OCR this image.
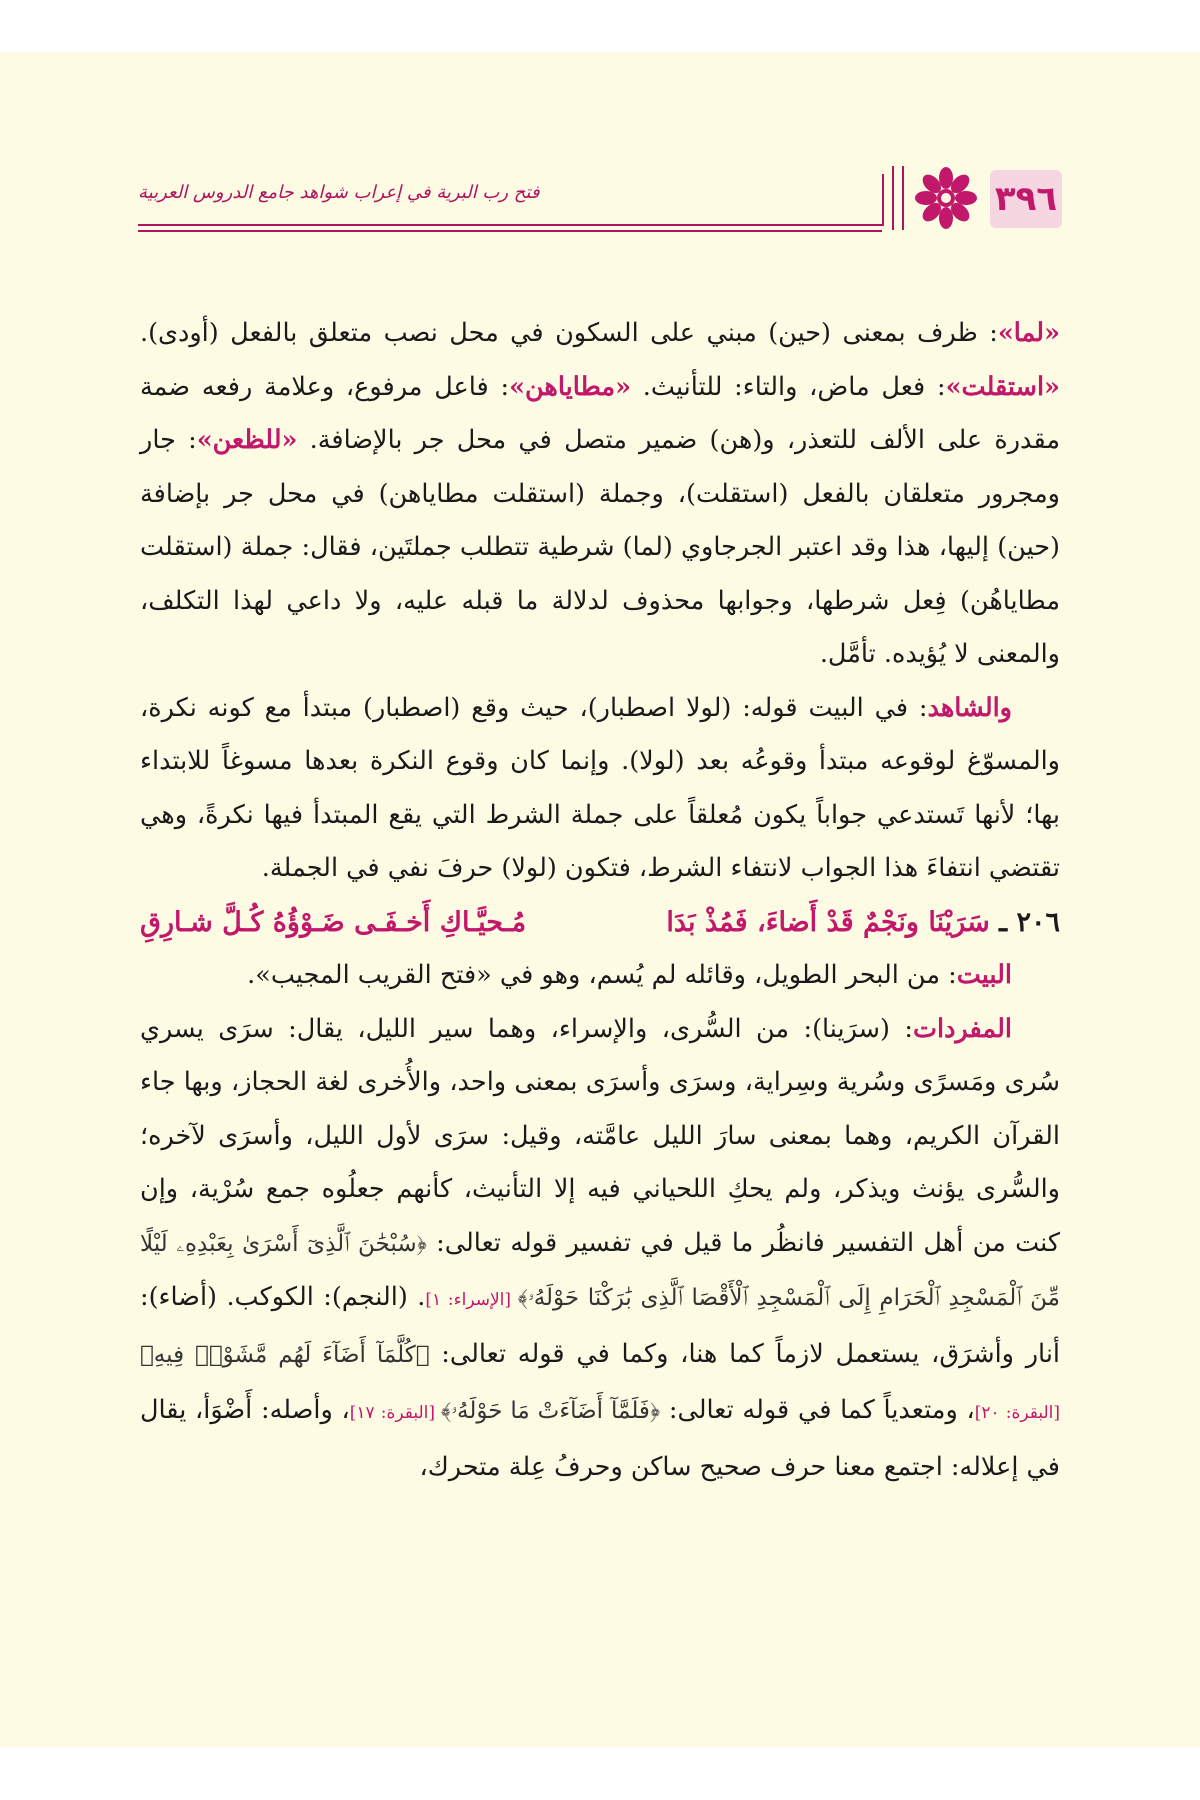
٣٩٦
فتح رب البرية في إعراب شواهد جامع الدروس العربية

«لما»: ظرف بمعنى (حين) مبني على السكون في محل نصب متعلق بالفعل (أودى). «استقلت»: فعل ماض، والتاء: للتأنيث. «مطاياهن»: فاعل مرفوع، وعلامة رفعه ضمة مقدرة على الألف للتعذر، و(هن) ضمير متصل في محل جر بالإضافة. «للظعن»: جار ومجرور متعلقان بالفعل (استقلت)، وجملة (استقلت مطاياهن) في محل جر بإضافة (حين) إليها، هذا وقد اعتبر الجرجاوي (لما) شرطية تتطلب جملتَين، فقال: جملة (استقلت مطاياهُن) فِعل شرطها، وجوابها محذوف لدلالة ما قبله عليه، ولا داعي لهذا التكلف، والمعنى لا يُؤيده. تأمَّل.

والشاهد: في البيت قوله: (لولا اصطبار)، حيث وقع (اصطبار) مبتدأ مع كونه نكرة، والمسوّغ لوقوعه مبتدأ وقوعُه بعد (لولا). وإنما كان وقوع النكرة بعدها مسوغاً للابتداء بها؛ لأنها تَستدعي جواباً يكون مُعلقاً على جملة الشرط التي يقع المبتدأ فيها نكرةً، وهي تقتضي انتفاءَ هذا الجواب لانتفاء الشرط، فتكون (لولا) حرفَ نفي في الجملة.

٢٠٦ ـ سَرَيْنَا ونَجْمٌ قَدْ أَضاءَ، فَمُذْ بَدَا
مُـحيَّـاكِ أَخـفَـى ضَـوْؤُهُ كُـلَّ شـارِقِ

البيت: من البحر الطويل، وقائله لم يُسم، وهو في «فتح القريب المجيب».

المفردات: (سرَينا): من السُّرى، والإسراء، وهما سير الليل، يقال: سرَى يسري سُرى ومَسرًى وسُرية وسِراية، وسرَى وأسرَى بمعنى واحد، والأُخرى لغة الحجاز، وبها جاء القرآن الكريم، وهما بمعنى سارَ الليل عامَّته، وقيل: سرَى لأول الليل، وأسرَى لآخره؛ والسُّرى يؤنث ويذكر، ولم يحكِ اللحياني فيه إلا التأنيث، كأنهم جعلُوه جمع سُرْية، وإن كنت من أهل التفسير فانظُر ما قيل في تفسير قوله تعالى: ﴿سُبْحَٰنَ ٱلَّذِىٓ أَسْرَىٰ بِعَبْدِهِۦ لَيْلًا مِّنَ ٱلْمَسْجِدِ ٱلْحَرَامِ إِلَى ٱلْمَسْجِدِ ٱلْأَقْصَا ٱلَّذِى بَٰرَكْنَا حَوْلَهُۥ﴾ [الإسراء: ١]. (النجم): الكوكب. (أضاء): أنار وأشرَق، يستعمل لازماً كما هنا، وكما في قوله تعالى: ﴿كُلَّمَآ أَضَآءَ لَهُم مَّشَوْا۟ فِيهِ﴾ [البقرة: ٢٠]، ومتعدياً كما في قوله تعالى: ﴿فَلَمَّآ أَضَآءَتْ مَا حَوْلَهُۥ﴾ [البقرة: ١٧]، وأصله: أَضْوَأ، يقال في إعلاله: اجتمع معنا حرف صحيح ساكن وحرفُ عِلة متحرك،
